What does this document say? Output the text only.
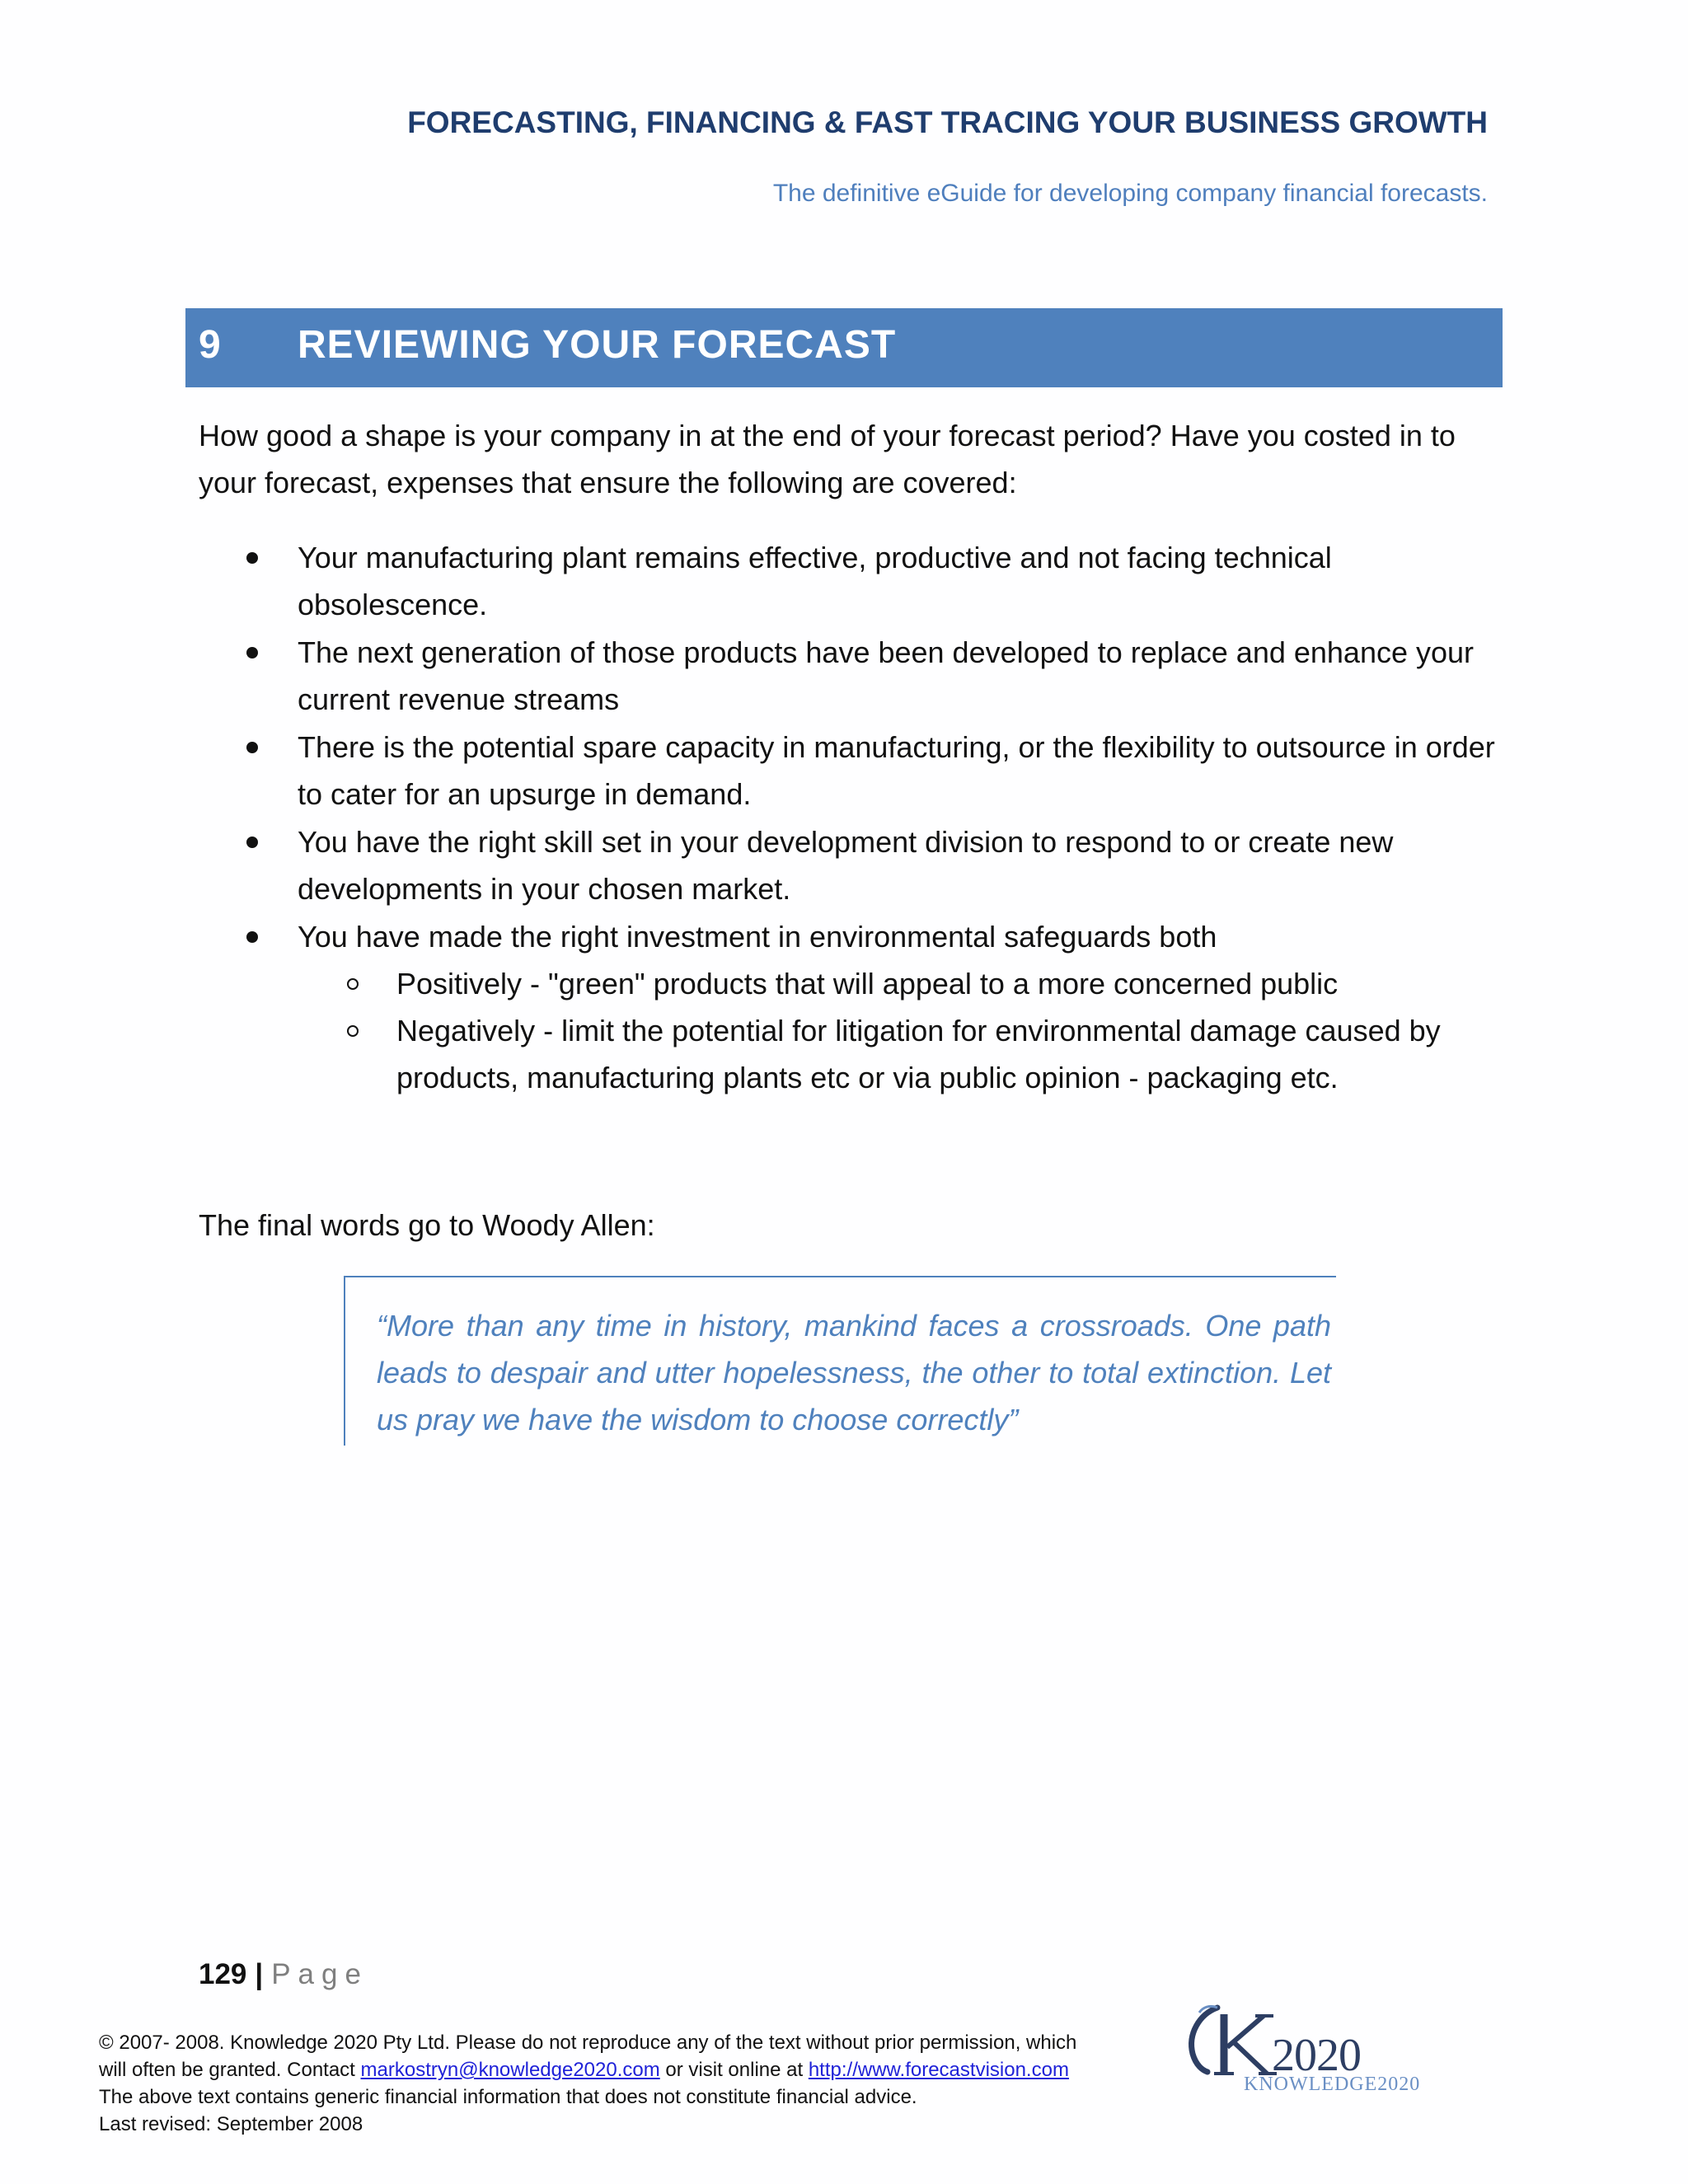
FORECASTING, FINANCING & FAST TRACING YOUR BUSINESS GROWTH
The definitive eGuide for developing company financial forecasts.
9 REVIEWING YOUR FORECAST

How good a shape is your company in at the end of your forecast period? Have you costed in to your forecast, expenses that ensure the following are covered:

Your manufacturing plant remains effective, productive and not facing technical obsolescence.
The next generation of those products have been developed to replace and enhance your current revenue streams
There is the potential spare capacity in manufacturing, or the flexibility to outsource in order to cater for an upsurge in demand.
You have the right skill set in your development division to respond to or create new developments in your chosen market.
You have made the right investment in environmental safeguards both
Positively - "green" products that will appeal to a more concerned public
Negatively - limit the potential for litigation for environmental damage caused by products, manufacturing plants etc or via public opinion - packaging etc.

The final words go to Woody Allen:

“More than any time in history, mankind faces a crossroads. One path leads to despair and utter hopelessness, the other to total extinction. Let us pray we have the wisdom to choose correctly”

129 | Page
© 2007- 2008. Knowledge 2020 Pty Ltd. Please do not reproduce any of the text without prior permission, which
will often be granted. Contact markostryn@knowledge2020.com or visit online at http://www.forecastvision.com
The above text contains generic financial information that does not constitute financial advice.
Last revised: September 2008
2020
KNOWLEDGE2020
